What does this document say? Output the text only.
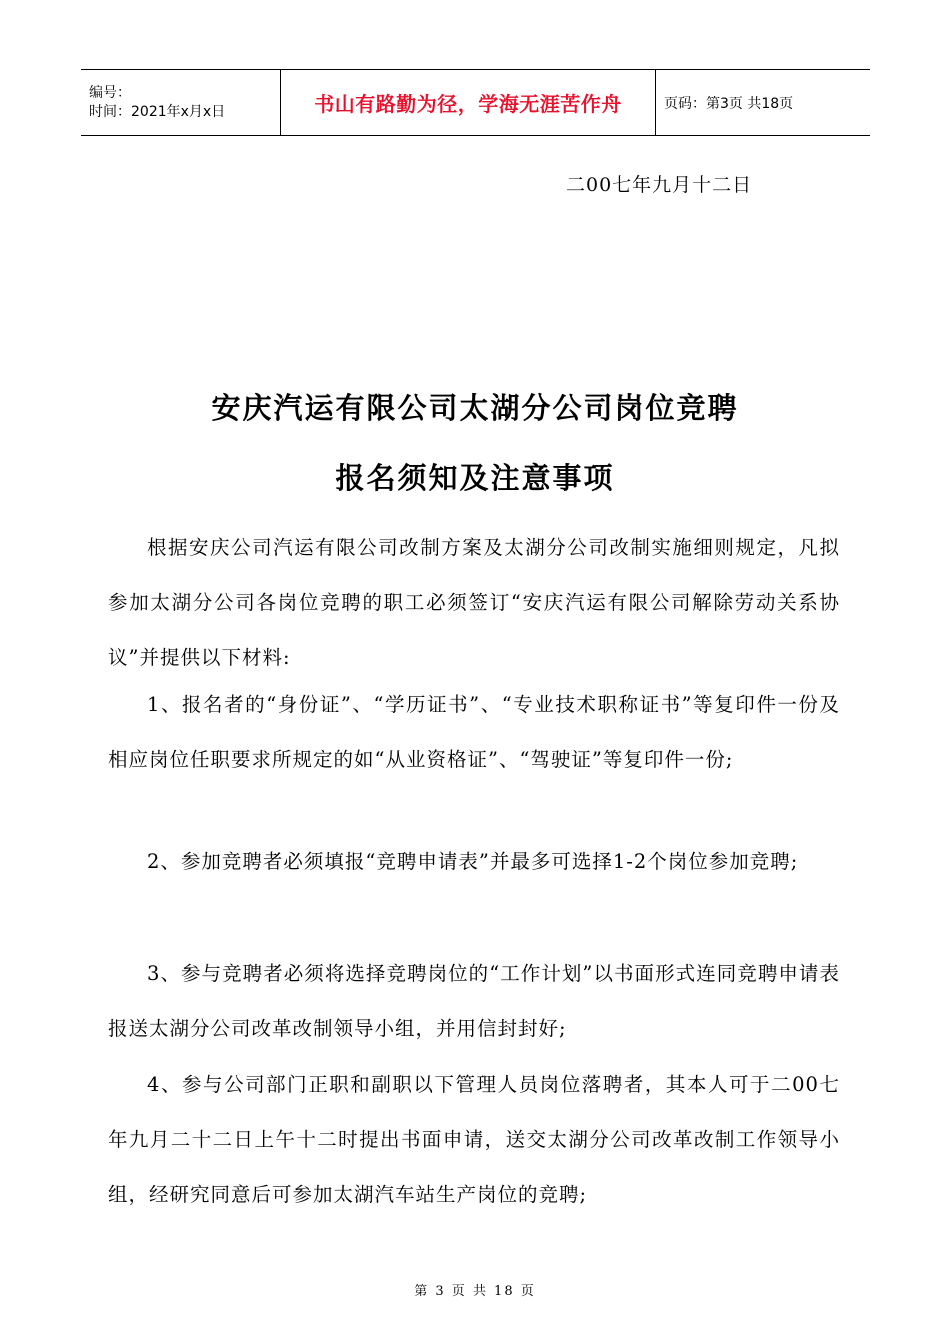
编号：
时间：2021年x月x日	书山有路勤为径，学海无涯苦作舟	页码：第3页 共18页
二00七年九月十二日
安庆汽运有限公司太湖分公司岗位竞聘
报名须知及注意事项

根据安庆公司汽运有限公司改制方案及太湖分公司改制实施细则规定，凡拟参加太湖分公司各岗位竞聘的职工必须签订“安庆汽运有限公司解除劳动关系协议”并提供以下材料:

1、报名者的“身份证”、“学历证书”、“专业技术职称证书”等复印件一份及相应岗位任职要求所规定的如“从业资格证”、“驾驶证”等复印件一份;

2、参加竞聘者必须填报“竞聘申请表”并最多可选择1-2个岗位参加竞聘;

3、参与竞聘者必须将选择竞聘岗位的“工作计划”以书面形式连同竞聘申请表报送太湖分公司改革改制领导小组，并用信封封好;

4、参与公司部门正职和副职以下管理人员岗位落聘者，其本人可于二00七年九月二十二日上午十二时提出书面申请，送交太湖分公司改革改制工作领导小组，经研究同意后可参加太湖汽车站生产岗位的竞聘;

第 3 页 共 18 页
